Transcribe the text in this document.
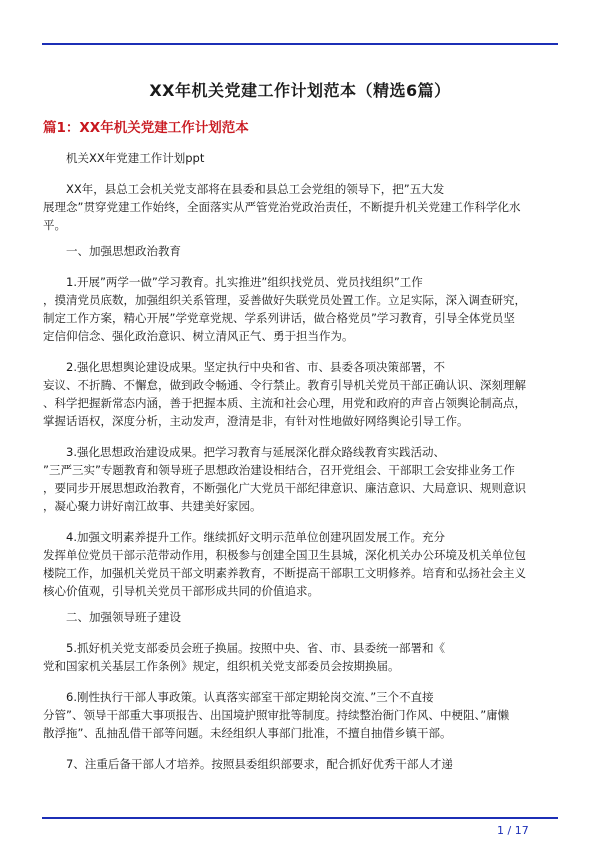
XX年机关党建工作计划范本（精选6篇）
篇1：XX年机关党建工作计划范本
机关XX年党建工作计划ppt
XX年，县总工会机关党支部将在县委和县总工会党组的领导下，把”五大发
展理念”贯穿党建工作始终，全面落实从严管党治党政治责任，不断提升机关党建工作科学化水
平。
一、加强思想政治教育
1.开展”两学一做”学习教育。扎实推进”组织找党员、党员找组织”工作
，摸清党员底数，加强组织关系管理，妥善做好失联党员处置工作。立足实际，深入调查研究，
制定工作方案，精心开展”学党章党规、学系列讲话，做合格党员”学习教育，引导全体党员坚
定信仰信念、强化政治意识、树立清风正气、勇于担当作为。
2.强化思想舆论建设成果。坚定执行中央和省、市、县委各项决策部署，不
妄议、不折腾、不懈怠，做到政令畅通、令行禁止。教育引导机关党员干部正确认识、深刻理解
、科学把握新常态内涵，善于把握本质、主流和社会心理，用党和政府的声音占领舆论制高点，
掌握话语权，深度分析，主动发声，澄清是非，有针对性地做好网络舆论引导工作。
3.强化思想政治建设成果。把学习教育与延展深化群众路线教育实践活动、
”三严三实”专题教育和领导班子思想政治建设相结合，召开党组会、干部职工会安排业务工作
，要同步开展思想政治教育，不断强化广大党员干部纪律意识、廉洁意识、大局意识、规则意识
，凝心聚力讲好南江故事、共建美好家园。
4.加强文明素养提升工作。继续抓好文明示范单位创建巩固发展工作。充分
发挥单位党员干部示范带动作用，积极参与创建全国卫生县城，深化机关办公环境及机关单位包
楼院工作，加强机关党员干部文明素养教育，不断提高干部职工文明修养。培育和弘扬社会主义
核心价值观，引导机关党员干部形成共同的价值追求。
二、加强领导班子建设
5.抓好机关党支部委员会班子换届。按照中央、省、市、县委统一部署和《
党和国家机关基层工作条例》规定，组织机关党支部委员会按期换届。
6.刚性执行干部人事政策。认真落实部室干部定期轮岗交流、”三个不直接
分管”、领导干部重大事项报告、出国境护照审批等制度。持续整治衙门作风、中梗阻、”庸懒
散浮拖”、乱抽乱借干部等问题。未经组织人事部门批准，不擅自抽借乡镇干部。
7、注重后备干部人才培养。按照县委组织部要求，配合抓好优秀干部人才递
1 / 17
